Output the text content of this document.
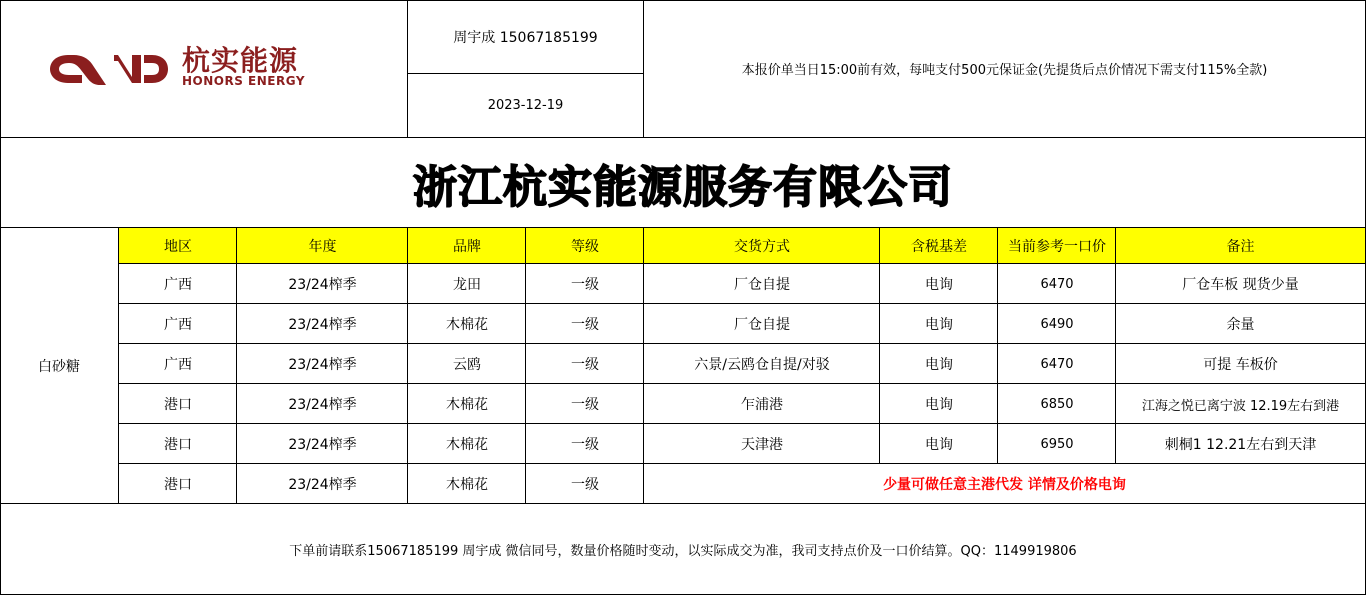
杭实能源
HONORS ENERGY
周宇成 15067185199
2023-12-19
本报价单当日15:00前有效，每吨支付500元保证金(先提货后点价情况下需支付115%全款)
浙江杭实能源服务有限公司
白砂糖
地区	年度	品牌	等级	交货方式	含税基差	当前参考一口价	备注
广西	23/24榨季	龙田	一级	厂仓自提	电询	6470	厂仓车板 现货少量
广西	23/24榨季	木棉花	一级	厂仓自提	电询	6490	余量
广西	23/24榨季	云鸥	一级	六景/云鸥仓自提/对驳	电询	6470	可提 车板价
港口	23/24榨季	木棉花	一级	乍浦港	电询	6850	江海之悦已离宁波 12.19左右到港
港口	23/24榨季	木棉花	一级	天津港	电询	6950	刺桐1 12.21左右到天津
港口	23/24榨季	木棉花	一级	少量可做任意主港代发 详情及价格电询
下单前请联系15067185199 周宇成 微信同号，数量价格随时变动，以实际成交为准，我司支持点价及一口价结算。QQ：1149919806
